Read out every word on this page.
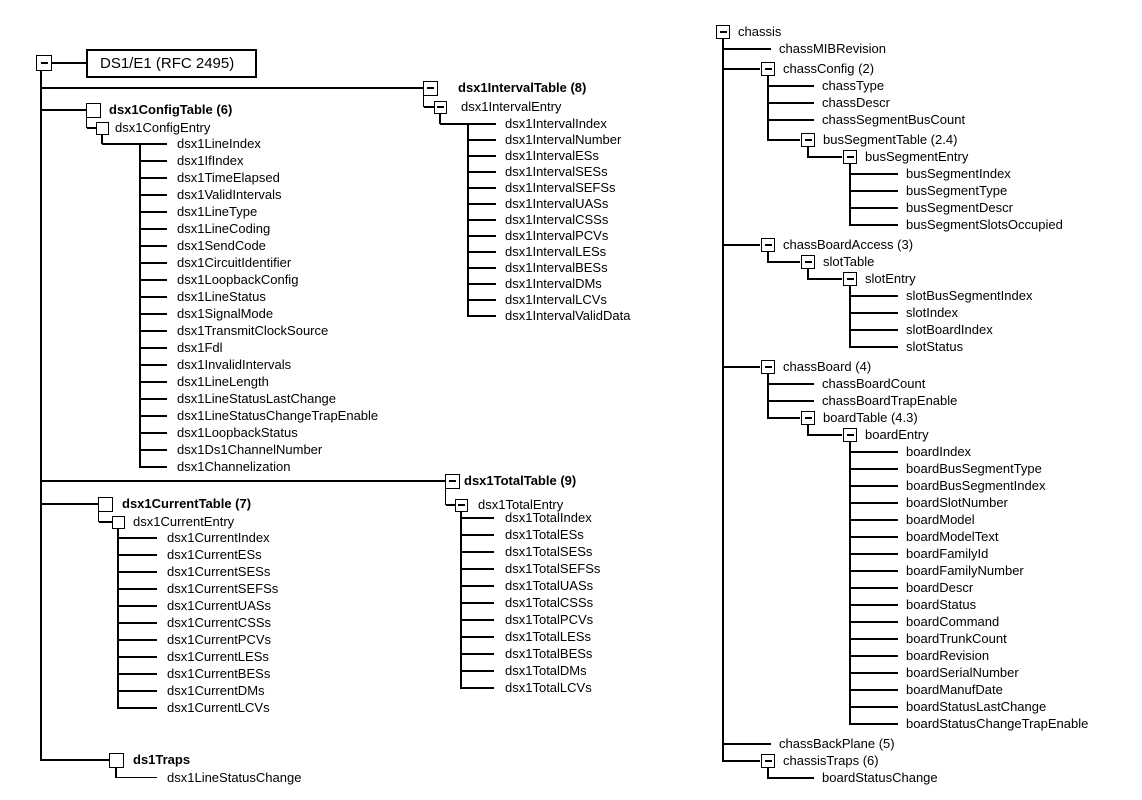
DS1/E1 (RFC 2495)
dsx1ConfigTable (6)
dsx1ConfigEntry
dsx1LineIndex
dsx1IfIndex
dsx1TimeElapsed
dsx1ValidIntervals
dsx1LineType
dsx1LineCoding
dsx1SendCode
dsx1CircuitIdentifier
dsx1LoopbackConfig
dsx1LineStatus
dsx1SignalMode
dsx1TransmitClockSource
dsx1Fdl
dsx1InvalidIntervals
dsx1LineLength
dsx1LineStatusLastChange
dsx1LineStatusChangeTrapEnable
dsx1LoopbackStatus
dsx1Ds1ChannelNumber
dsx1Channelization
dsx1IntervalTable (8)
dsx1IntervalEntry
dsx1IntervalIndex
dsx1IntervalNumber
dsx1IntervalESs
dsx1IntervalSESs
dsx1IntervalSEFSs
dsx1IntervalUASs
dsx1IntervalCSSs
dsx1IntervalPCVs
dsx1IntervalLESs
dsx1IntervalBESs
dsx1IntervalDMs
dsx1IntervalLCVs
dsx1IntervalValidData
dsx1CurrentTable (7)
dsx1CurrentEntry
dsx1CurrentIndex
dsx1CurrentESs
dsx1CurrentSESs
dsx1CurrentSEFSs
dsx1CurrentUASs
dsx1CurrentCSSs
dsx1CurrentPCVs
dsx1CurrentLESs
dsx1CurrentBESs
dsx1CurrentDMs
dsx1CurrentLCVs
dsx1TotalTable (9)
dsx1TotalEntry
dsx1TotalIndex
dsx1TotalESs
dsx1TotalSESs
dsx1TotalSEFSs
dsx1TotalUASs
dsx1TotalCSSs
dsx1TotalPCVs
dsx1TotalLESs
dsx1TotalBESs
dsx1TotalDMs
dsx1TotalLCVs
ds1Traps
dsx1LineStatusChange
chassis
chassMIBRevision
chassConfig (2)
chassType
chassDescr
chassSegmentBusCount
busSegmentTable (2.4)
busSegmentEntry
busSegmentIndex
busSegmentType
busSegmentDescr
busSegmentSlotsOccupied
chassBoardAccess (3)
slotTable
slotEntry
slotBusSegmentIndex
slotIndex
slotBoardIndex
slotStatus
chassBoard (4)
chassBoardCount
chassBoardTrapEnable
boardTable (4.3)
boardEntry
boardIndex
boardBusSegmentType
boardBusSegmentIndex
boardSlotNumber
boardModel
boardModelText
boardFamilyId
boardFamilyNumber
boardDescr
boardStatus
boardCommand
boardTrunkCount
boardRevision
boardSerialNumber
boardManufDate
boardStatusLastChange
boardStatusChangeTrapEnable
chassBackPlane (5)
chassisTraps (6)
boardStatusChange
